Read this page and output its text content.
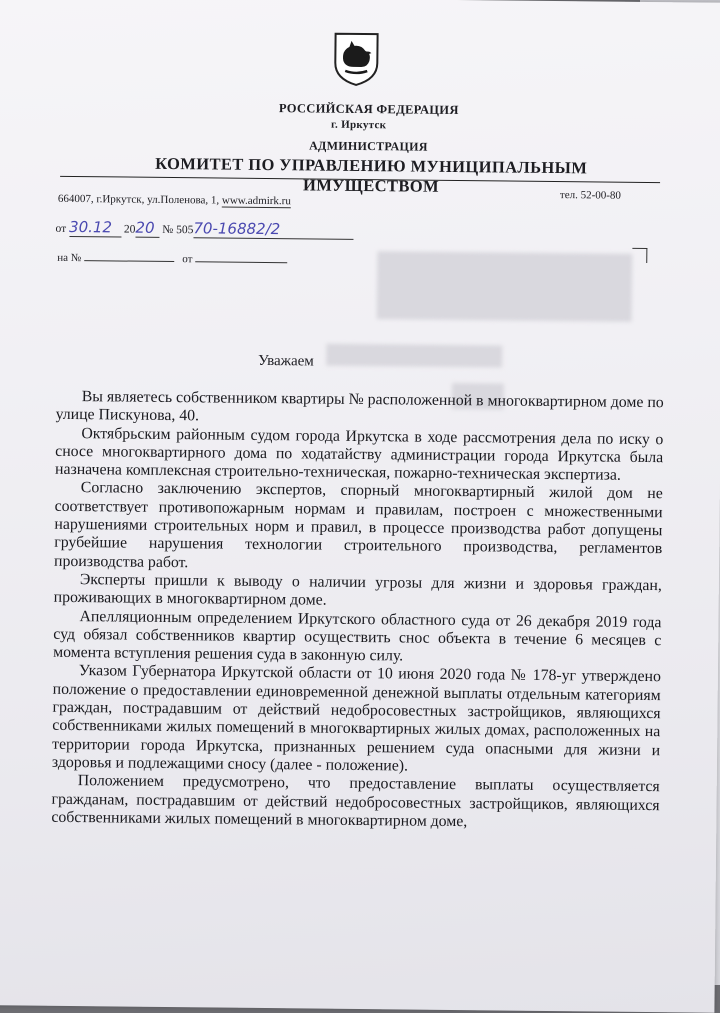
РОССИЙСКАЯ ФЕДЕРАЦИЯ
г. Иркутск
АДМИНИСТРАЦИЯ
КОМИТЕТ ПО УПРАВЛЕНИЮ МУНИЦИПАЛЬНЫМ ИМУЩЕСТВОМ
664007, г.Иркутск, ул.Поленова, 1, www.admirk.ru	тел. 52-00-80
от 30.12 2020 № 50570-16882/2
на №	от
Уважаем

Вы являетесь собственником квартиры № расположенной в многоквартирном доме по улице Пискунова, 40.

Октябрьским районным судом города Иркутска в ходе рассмотрения дела по иску о сносе многоквартирного дома по ходатайству администрации города Иркутска была назначена комплексная строительно-техническая, пожарно-техническая экспертиза.

Согласно заключению экспертов, спорный многоквартирный жилой дом не соответствует противопожарным нормам и правилам, построен с множественными нарушениями строительных норм и правил, в процессе производства работ допущены грубейшие нарушения технологии строительного производства, регламентов производства работ.

Эксперты пришли к выводу о наличии угрозы для жизни и здоровья граждан, проживающих в многоквартирном доме.

Апелляционным определением Иркутского областного суда от 26 декабря 2019 года суд обязал собственников квартир осуществить снос объекта в течение 6 месяцев с момента вступления решения суда в законную силу.

Указом Губернатора Иркутской области от 10 июня 2020 года № 178-уг утверждено положение о предоставлении единовременной денежной выплаты отдельным категориям граждан, пострадавшим от действий недобросовестных застройщиков, являющихся собственниками жилых помещений в многоквартирных жилых домах, расположенных на территории города Иркутска, признанных решением суда опасными для жизни и здоровья и подлежащими сносу (далее - положение).

Положением предусмотрено, что предоставление выплаты осуществляется гражданам, пострадавшим от действий недобросовестных застройщиков, являющихся собственниками жилых помещений в многоквартирном доме,
